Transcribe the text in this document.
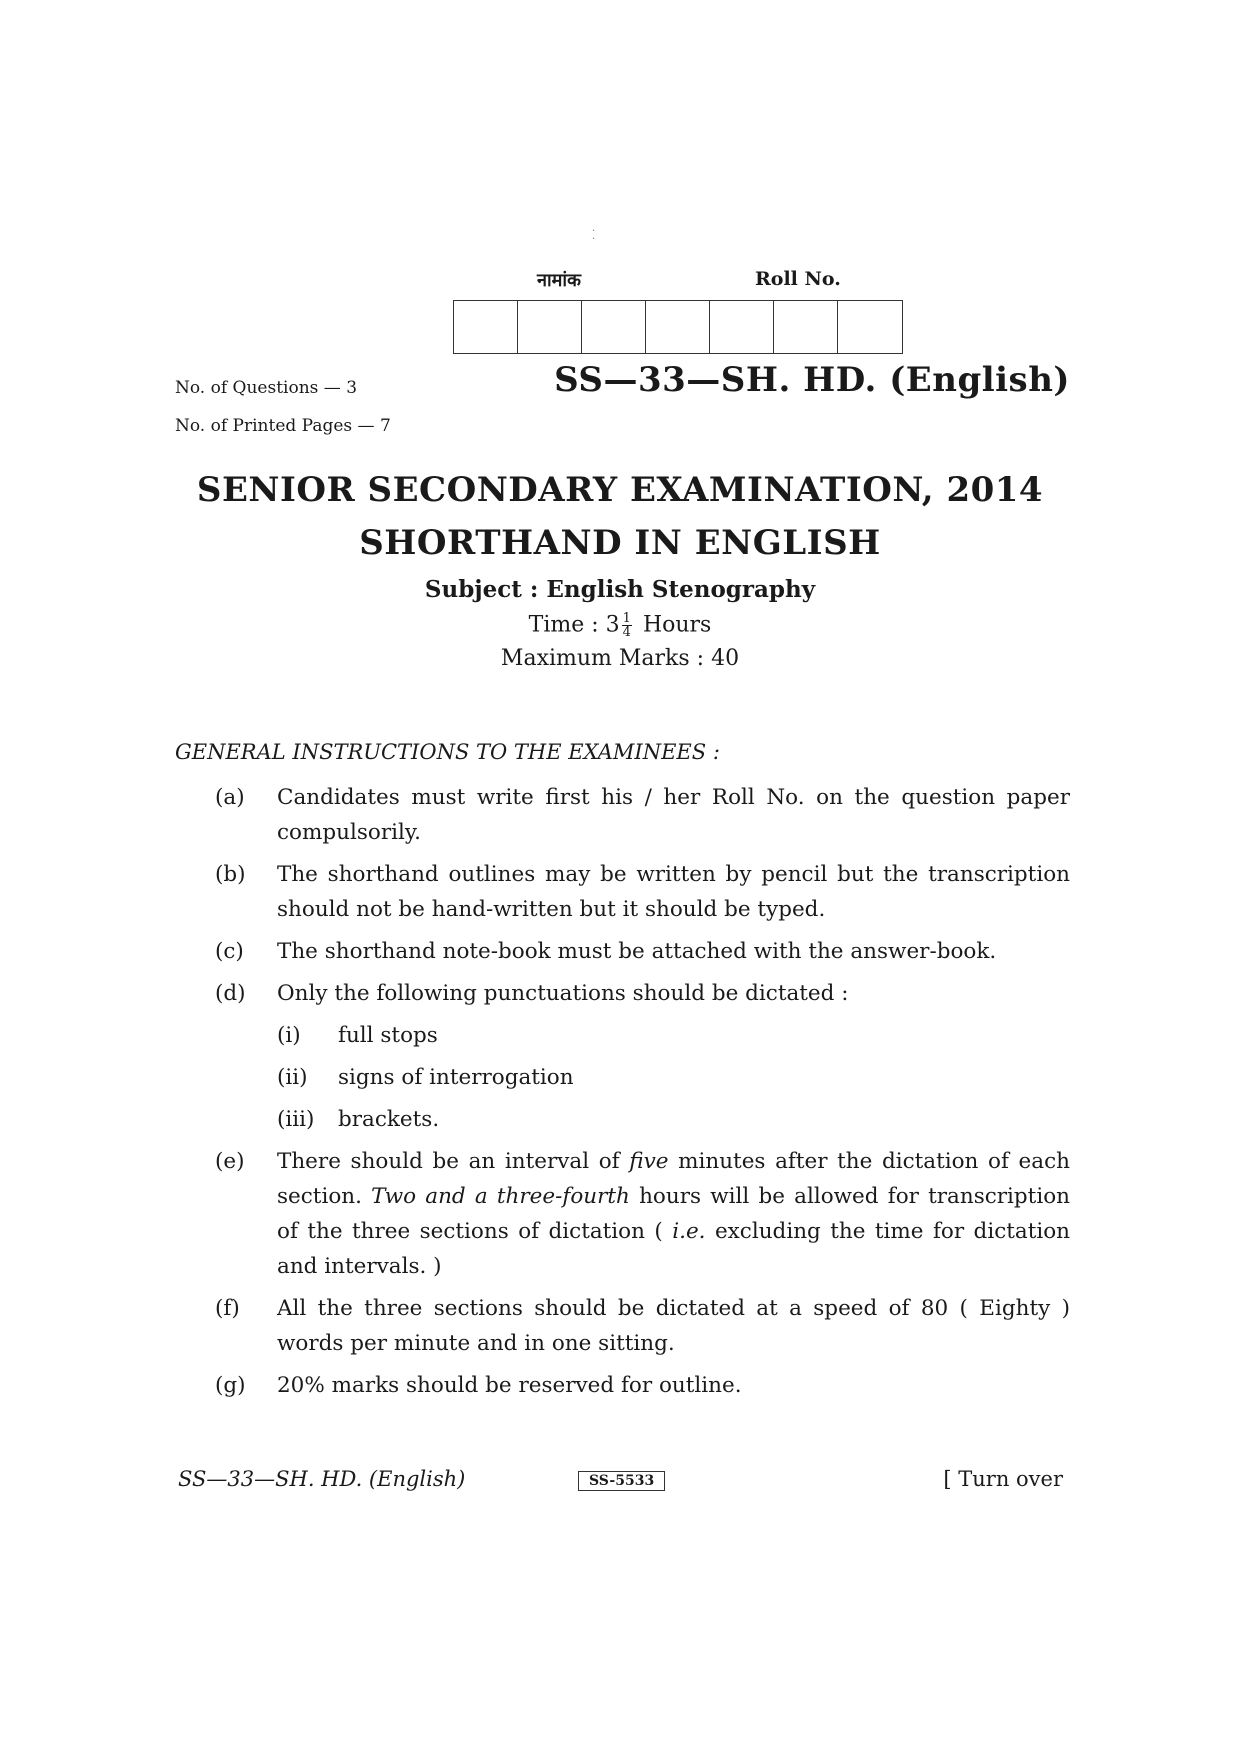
·
·
नामांक	Roll No.
No. of Questions — 3	SS—33—SH. HD. (English)
No. of Printed Pages — 7
SENIOR SECONDARY EXAMINATION, 2014
SHORTHAND IN ENGLISH
Subject : English Stenography
Time : $3 \frac{1}{4}$ Hours
Maximum Marks : 40
GENERAL INSTRUCTIONS TO THE EXAMINEES :
(a)	Candidates must write first his / her Roll No. on the question paper compulsorily.
(b)	The shorthand outlines may be written by pencil but the transcription should not be hand-written but it should be typed.
(c)	The shorthand note-book must be attached with the answer-book.
(d)	Only the following punctuations should be dictated :
(i)	full stops
(ii)	signs of interrogation
(iii)	brackets.
(e)	There should be an interval of five minutes after the dictation of each section. Two and a three-fourth hours will be allowed for transcription of the three sections of dictation ( i.e. excluding the time for dictation and intervals. )
(f)	All the three sections should be dictated at a speed of 80 ( Eighty ) words per minute and in one sitting.
(g)	20% marks should be reserved for outline.
SS—33—SH. HD. (English)	SS-5533	[ Turn over
